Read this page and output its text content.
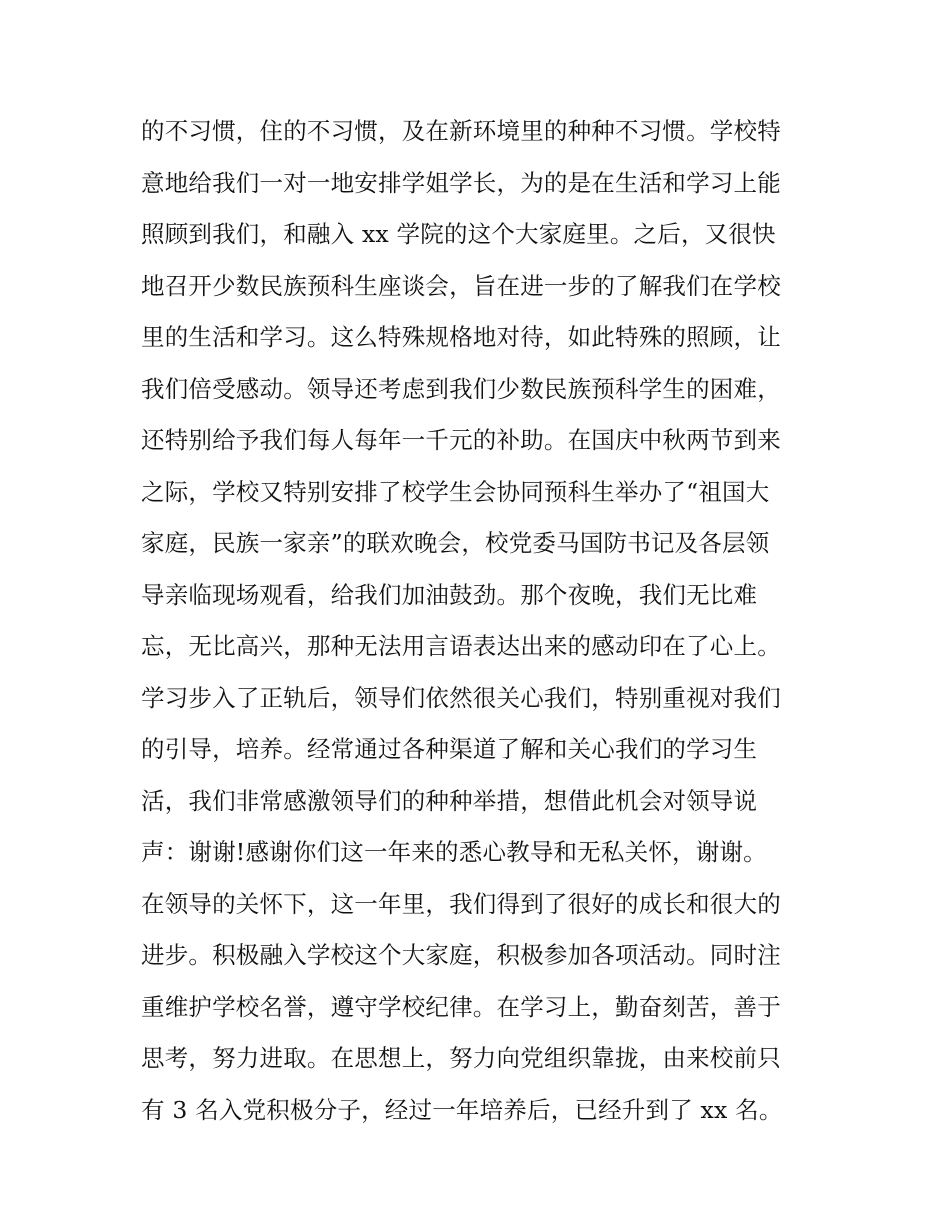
的不习惯，住的不习惯，及在新环境里的种种不习惯。学校特
意地给我们一对一地安排学姐学长，为的是在生活和学习上能
照顾到我们，和融入 xx 学院的这个大家庭里。之后，又很快
地召开少数民族预科生座谈会，旨在进一步的了解我们在学校
里的生活和学习。这么特殊规格地对待，如此特殊的照顾，让
我们倍受感动。领导还考虑到我们少数民族预科学生的困难，
还特别给予我们每人每年一千元的补助。在国庆中秋两节到来
之际，学校又特别安排了校学生会协同预科生举办了“祖国大
家庭，民族一家亲”的联欢晚会，校党委马国防书记及各层领
导亲临现场观看，给我们加油鼓劲。那个夜晚，我们无比难
忘，无比高兴，那种无法用言语表达出来的感动印在了心上。
学习步入了正轨后，领导们依然很关心我们，特别重视对我们
的引导，培养。经常通过各种渠道了解和关心我们的学习生
活，我们非常感激领导们的种种举措，想借此机会对领导说
声：谢谢!感谢你们这一年来的悉心教导和无私关怀，谢谢。
在领导的关怀下，这一年里，我们得到了很好的成长和很大的
进步。积极融入学校这个大家庭，积极参加各项活动。同时注
重维护学校名誉，遵守学校纪律。在学习上，勤奋刻苦，善于
思考，努力进取。在思想上，努力向党组织靠拢，由来校前只
有 3 名入党积极分子，经过一年培养后，已经升到了 xx 名。
